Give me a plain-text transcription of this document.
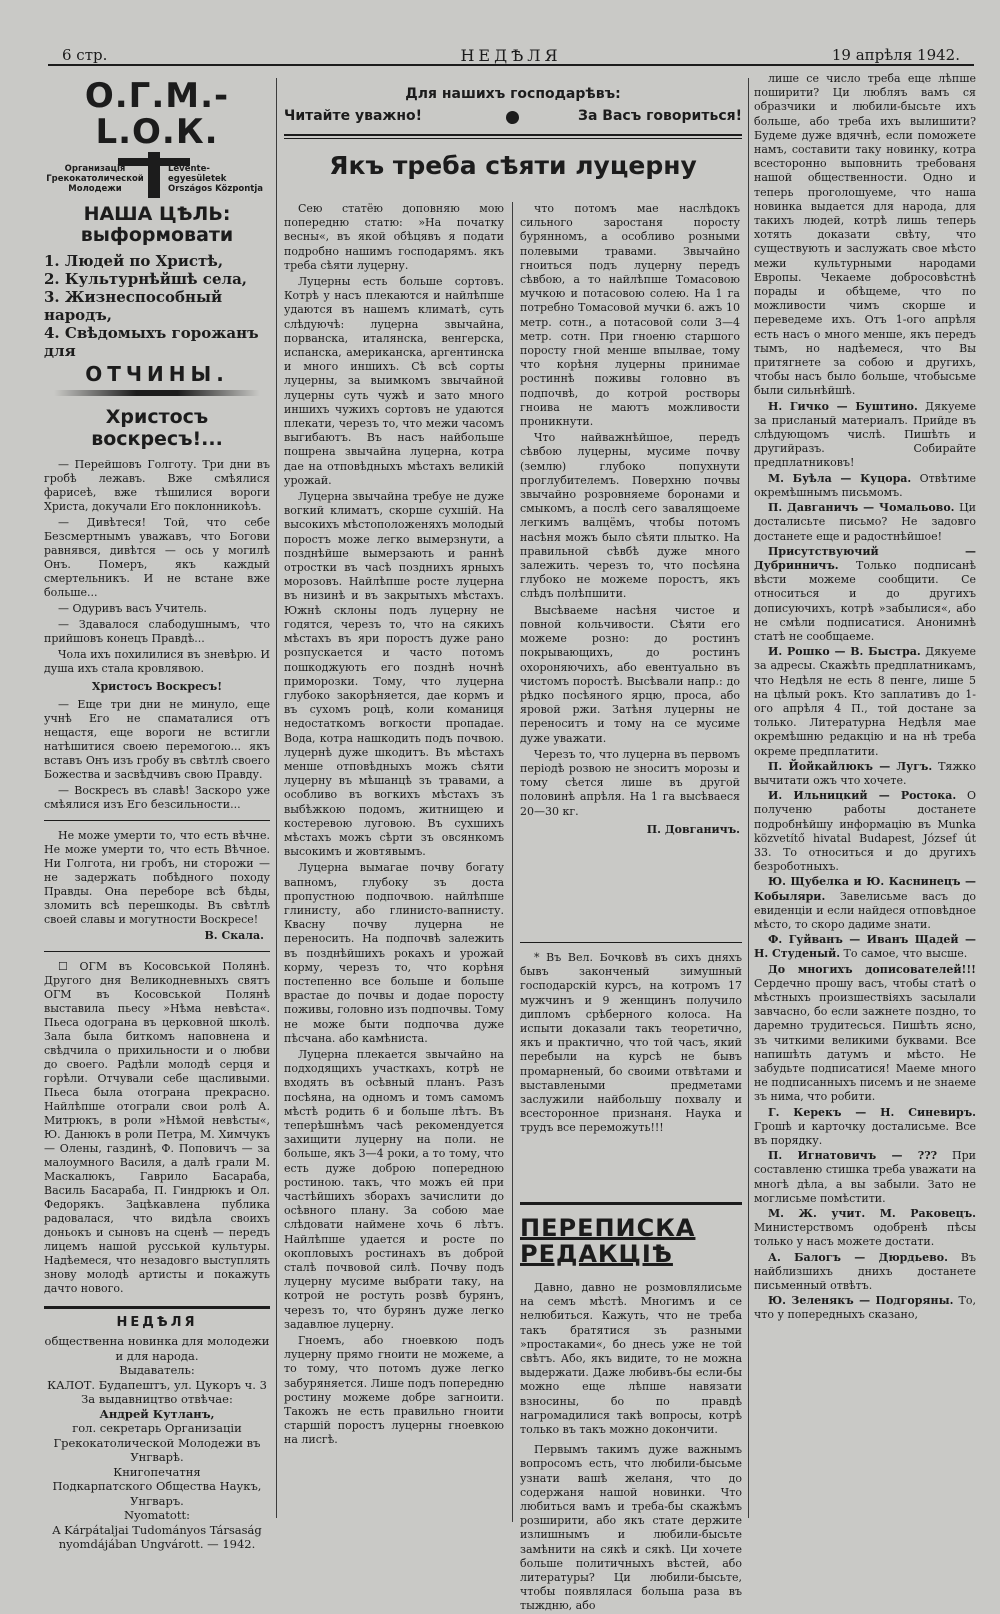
6 стр.	НЕДѢЛЯ	19 апрѣля 1942.
О.Г.М.-L.О.К.
Организація Грекокатолической Молодежи
Levente-egyesületek Országos Központja
НАША ЦѢЛЬ: выформовати
1. Людей по Христѣ,
2. Культурнѣйшѣ села,
3. Жизнеспособный народъ,
4. Свѣдомыхъ горожанъ для
ОТЧИНЫ.
Христосъ воскресъ!...

— Перейшовъ Голготу. Три дни въ гробѣ лежавъ. Вже смѣялися фарисеѣ, вже тѣшилися вороги Христа, докучали Его поклонникоѣъ.

— Дивѣтеся! Той, что себе Безсмертнымъ уважавъ, что Богови равнявся, дивѣтся — ось у могилѣ Онъ. Померъ, якъ каждый смертельникъ. И не встане вже больше...

— Одуривъ васъ Учитель.

— Здавалося слабодушнымъ, что прийшовъ конецъ Правдѣ...

Чола ихъ похилилися въ зневѣрю. И душа ихъ стала кровлявою.

Христосъ Воскресъ!

— Еще три дни не минуло, еще учнѣ Его не спаматалися отъ нещастя, еще вороги не встигли натѣшитися своею перемогою... якъ вставъ Онъ изъ гробу въ свѣтлѣ своего Божества и засвѣдчивъ свою Правду.

— Воскресъ въ славѣ! Заскоро уже смѣялися изъ Его безсильности...

Не може умерти то, что есть вѣчне. Не може умерти то, что есть Вѣчное. Ни Голгота, ни гробъ, ни сторожи — не задержать побѣдного походу Правды. Она переборе всѣ бѣды, зломить всѣ перешкоды. Въ свѣтлѣ своей славы и могутности Воскресе!

В. Скала.

☐ ОГМ въ Косовськой Полянѣ. Другого дня Великодневныхъ святъ ОГМ въ Косовськой Полянѣ выставила пьесу »Нѣма невѣста«. Пьеса одограна въ церковной школѣ. Зала была биткомъ наповнена и свѣдчила о прихильности и о любви до своего. Радѣли молодѣ серця и горѣли. Отчували себе щасливыми. Пьеса была отограна прекрасно. Найлѣпше отограли свои ролѣ А. Митрюкъ, в роли »Нѣмой невѣсты«, Ю. Данюкъ в роли Петра, М. Химчукъ — Олены, газдинѣ, Ф. Поповичъ — за малоумного Василя, а далѣ грали М. Маскалюкъ, Гаврило Басараба, Василь Басараба, П. Гиндрюкъ и Ол. Федорякъ. Зацѣкавлена публика радовалася, что видѣла своихъ доньокъ и сыновъ на сценѣ — передъ лицемъ нашой русськой культуры. Надѣемеся, что незадовго выступлять знову молодѣ артисты и покажуть дачто нового.

НЕДѢЛЯ
общественна новинка для молодежи и для народа.
Выдаватель:
КАЛОТ. Будапештъ, ул. Цукоръ ч. 3
За выдавництво отвѣчае:
Андрей Кутланъ,
гол. секретарь Организаціи Грекокатолической Молодежи въ Унгварѣ.
Книгопечатня
Подкарпатского Общества Наукъ, Унгваръ.
Nyomatott:
A Kárpátaljai Tudományos Társaság nyomdájában Ungvárott. — 1942.
Для нашихъ господарѣвъ:
Читайте уважно!	За Васъ говориться!
Якъ треба сѣяти луцерну

Сею статёю доповняю мою попередню статю: »На початку весны«, въ якой обѣцявъ я подати подробно нашимъ господарямъ. якъ треба сѣяти луцерну.

Луцерны есть больше сортовъ. Котрѣ у насъ плекаются и найлѣпше удаются въ нашемъ климатѣ, суть слѣдуючѣ: луцерна звычайна, порванска, италянска, венгерска, испанска, американска, аргентинска и много иншихъ. Сѣ всѣ сорты луцерны, за выимкомъ звычайной луцерны суть чужѣ и зато много иншихъ чужихъ сортовъ не удаются плекати, черезъ то, что межи часомъ выгибаютъ. Въ насъ найбольше пошрена звычайна луцерна, котра дае на отповѣдныхъ мѣстахъ великій урожай.

Луцерна звычайна требуе не дуже вогкий климатъ, скорше сухшій. На высокихъ мѣстоположеняхъ молодый пороcтъ може легко вымерзнути, а позднѣйше вымерзають и раннѣ отростки въ часѣ позднихъ ярныхъ морозовъ. Найлѣпше росте луцерна въ низинѣ и въ закрытыхъ мѣстахъ. Южнѣ склоны подъ луцерну не годятся, черезъ то, что на сякихъ мѣстахъ въ яри поростъ дуже рано розпускается и часто потомъ пошкоджують его позднѣ ночнѣ приморозки. Тому, что луцерна глубоко закорѣняется, дае кормъ и въ сухомъ роцѣ, коли команиця недостаткомъ вогкости пропадае. Вода, котра нашкодить подъ почвою. луцернѣ дуже шкодитъ. Въ мѣстахъ менше отповѣдныхъ можъ сѣяти луцерну въ мѣшанцѣ зъ травами, а особливо въ вогкихъ мѣстахъ зъ выбѣжкою подомъ, житнищею и костеревою луговою. Въ сухшихъ мѣстахъ можъ сѣрти зъ овсянкомъ высокимъ и жовтявымъ.

Луцерна вымагае почву богату вапномъ, глубоку зъ доста пропустною подпочвою. найлѣпше глинисту, або глинисто-вапнисту. Кваcну почву луцерна не переносить. На подпочвѣ залежить въ позднѣйшихъ рокахъ и урожай корму, черезъ то, что корѣня постепенно все больше и больше врастае до почвы и додае поросту поживы, головно изъ подпочвы. Тому не може быти подпочва дуже пѣсчана. або камѣниста.

Луцерна плекается звычайно на подходящихъ участкахъ, котрѣ не входять въ осѣвный планъ. Разъ посѣяна, на одномъ и томъ самомъ мѣстѣ родить 6 и больше лѣтъ. Въ теперѣшнѣмъ часѣ рекомендуется захищити луцерну на поли. не больше, якъ 3—4 роки, а то тому, что есть дуже доброю попередною ростиною. такъ, что можъ ей при частѣйшихъ зборахъ зачислити до осѣвного плану. За собою мае слѣдовати наймене хочь 6 лѣтъ. Найлѣпше удается и росте по окопловыхъ ростинахъ въ доброй сталѣ почвовой силѣ. Почву подъ луцерну мусиме выбрати таку, на котрой не ростуть розвѣ бурянъ, черезъ то, что бурянъ дуже легко задавлюе луцерну.

Гноемъ, або гноевкою подъ луцерну прямо гноити не можеме, а то тому, что потомъ дуже легко забуряняется. Лише подъ попередню ростину можеме добре загноити. Такожъ не есть правильно гноити старшій поростъ луцерны гноевкою на лисгѣ.

что потомъ мае наслѣдокъ сильного заростаня поросту бурянномъ, а особливо розными полевыми травами. Звычайно гноиться подъ луцерну передъ сѣвбою, а то найлѣпше Томасовою мучкою и потасовою солею. На 1 га потребно Томасовой мучки 6. ажъ 10 метр. сотн., а потасовой соли 3—4 метр. сотн. При гноеню старшого поросту гной менше впылвае, тому что корѣня луцерны принимае ростиннѣ поживы головно въ подпочвѣ, до котрой ростворы гноива не маютъ можливости проникнути.

Что найважнѣйшое, передъ сѣвбою луцерны, мусиме почву (землю) глубоко попухнути проглубителемъ. Поверхню почвы звычайно розровняеме боронами и смыкомъ, а послѣ сего завалящоеме легкимъ валцёмъ, чтобы потомъ насѣня можъ было сѣяти плытко. На правильной сѣвбѣ дуже много залежить. черезъ то, что посѣяна глубоко не можеме поростъ, якъ слѣдъ полѣпшити.

Высѣваеме насѣня чистое и повной кольчивости. Сѣяти его можеме розно: до ростинъ покрывающихъ, до ростинъ охороняючихъ, або евентуально въ чистомъ поростѣ. Высѣвали напр.: до рѣдко посѣяного ярцю, проса, або яровой ржи. Затѣня луцерны не переноситъ и тому на се мусиме дуже уважати.

Черезъ то, что луцерна въ первомъ періодѣ розвою не зноситъ морозы и тому сѣется лише въ другой половинѣ апрѣля. На 1 га высѣваеся 20—30 кг.

П. Довганичъ.

* Въ Вел. Бочковѣ въ сихъ дняхъ бывъ законченый зимушный господарскій курсъ, на котромъ 17 мужчинъ и 9 женщинъ получило дипломъ срѣберного колоса. На испыти доказали такъ теоретично, якъ и практично, что той часъ, який перебыли на курсѣ не бывъ промарненый, бо своими отвѣтами и выставлеными предметами заслужили найбольшу похвалу и всесторонное признаня. Наука и трудъ все переможуть!!!

ПЕРЕПИСКА РЕДАКЦІѢ

Давно, давно не розмовлялисьме на семъ мѣстѣ. Многимъ и се нелюбиться. Кажуть, что не треба такъ братятися зъ разными »простаками«, бо днесь уже не той свѣтъ. Або, якъ видите, то не можна выдержати. Даже любивъ-бы если-бы можно еще лѣпше навязати взносины, бо по правдѣ нагромадилися такѣ вопросы, котрѣ только въ такъ можно докончити.

Первымъ такимъ дуже важнымъ вопросомъ есть, что любили-бысьме узнати вашѣ желаня, что до содержаня нашой новинки. Что любиться вамъ и треба-бы скажѣмъ розширити, або якъ стате держите излишнымъ и любили-бысьте замѣнити на сякѣ и сякѣ. Ци хочете больше политичныхъ вѣстей, або литературы? Ци любили-бысьте, чтобы появлялася больша раза въ тыждню, або

лише се число треба еще лѣпше поширити? Ци любляъ вамъ ся образчики и любили-бысьте ихъ больше, або треба ихъ вылишити? Будеме дуже вдячнѣ, если поможете намъ, составити таку новинку, котра всесторонно выповнить требованя нашой общественности. Одно и теперь проголошуеме, что наша новинка выдается для народа, для такихъ людей, котрѣ лишь теперь хотять доказати свѣту, что существують и заслужать свое мѣсто межи культурными народами Европы. Чекаеме добросовѣстнѣ порады и обѣщеме, что по можливости чимъ скорше и переведеме ихъ. Отъ 1-ого апрѣля есть насъ о много менше, якъ передъ тымъ, но надѣемеся, что Вы притягнете за собою и другихъ, чтобы насъ было больше, чтобысьме были сильнѣйшѣ.

Н. Гичко — Буштино. Дякуеме за присланый материалъ. Прийде въ слѣдующомъ числѣ. Пишѣть и другийразъ. Собирайте предплатниковъ!

М. Буѣла — Куцора. Отвѣтиме окремѣшнымъ письмомъ.

П. Давганичъ — Чомальово. Ци досталисьте письмо? Не задовго достанете еще и радостнѣйшое!

Присутствуючий — Дубринничъ. Только подписанѣ вѣсти можеме сообщити. Се относиться и до другихъ дописуючихъ, котрѣ »забылися«, або не смѣли подписатися. Анонимнѣ статѣ не сообщаеме.

И. Рошко — В. Быстра. Дякуеме за адресы. Скажѣть предплатникамъ, что Недѣля не есть 8 пенге, лише 5 на цѣлый рокъ. Кто заплативъ до 1-ого апрѣля 4 П., той достане за только. Литературна Недѣля мае окремѣшню редакцію и на нѣ треба окреме предплатити.

П. Йойкайлюкъ — Лугъ. Тяжко вычитати ожъ что хочете.

И. Ильницкий — Ростока. О полученю работы достанете подробнѣйшу информацію въ Munka közvetítő hivatal Budapest, József út 33. То относиться и до другихъ безроботныхъ.

Ю. Щубелка и Ю. Каснинецъ — Кобыляри. Завелисьме васъ до евиденціи и если найдеся отповѣдное мѣсто, то скоро дадиме знати.

Ф. Гуйванъ — Иванъ Щадей — Н. Студеный. То самое, что высше.

До многихъ дописователей!!! Сердечно прошу васъ, чтобы статѣ о мѣстныхъ произшествіяхъ засылали завчасно, бо если зажнете поздно, то даремно трудитесься. Пишѣть ясно, зъ читкими великими буквами. Все напишѣть датумъ и мѣсто. Не забудьте подписатися! Маеме много не подписанныхъ писемъ и не знаеме зъ нима, что робити.

Г. Керекъ — Н. Синевиръ. Грошѣ и карточку досталисьме. Все въ порядку.

П. Игнатовичъ — ??? При составленю стишка треба уважати на многѣ дѣла, а вы забыли. Зато не моглисьме помѣстити.

М. Ж. учит. М. Раковецъ. Министерствомъ одобренѣ пѣсы только у насъ можете достати.

А. Балогъ — Дюрдьево. Въ найблизшихъ днихъ достанете письменный отвѣтъ.

Ю. Зеленякъ — Подгоряны. То, что у попередныхъ сказано,
